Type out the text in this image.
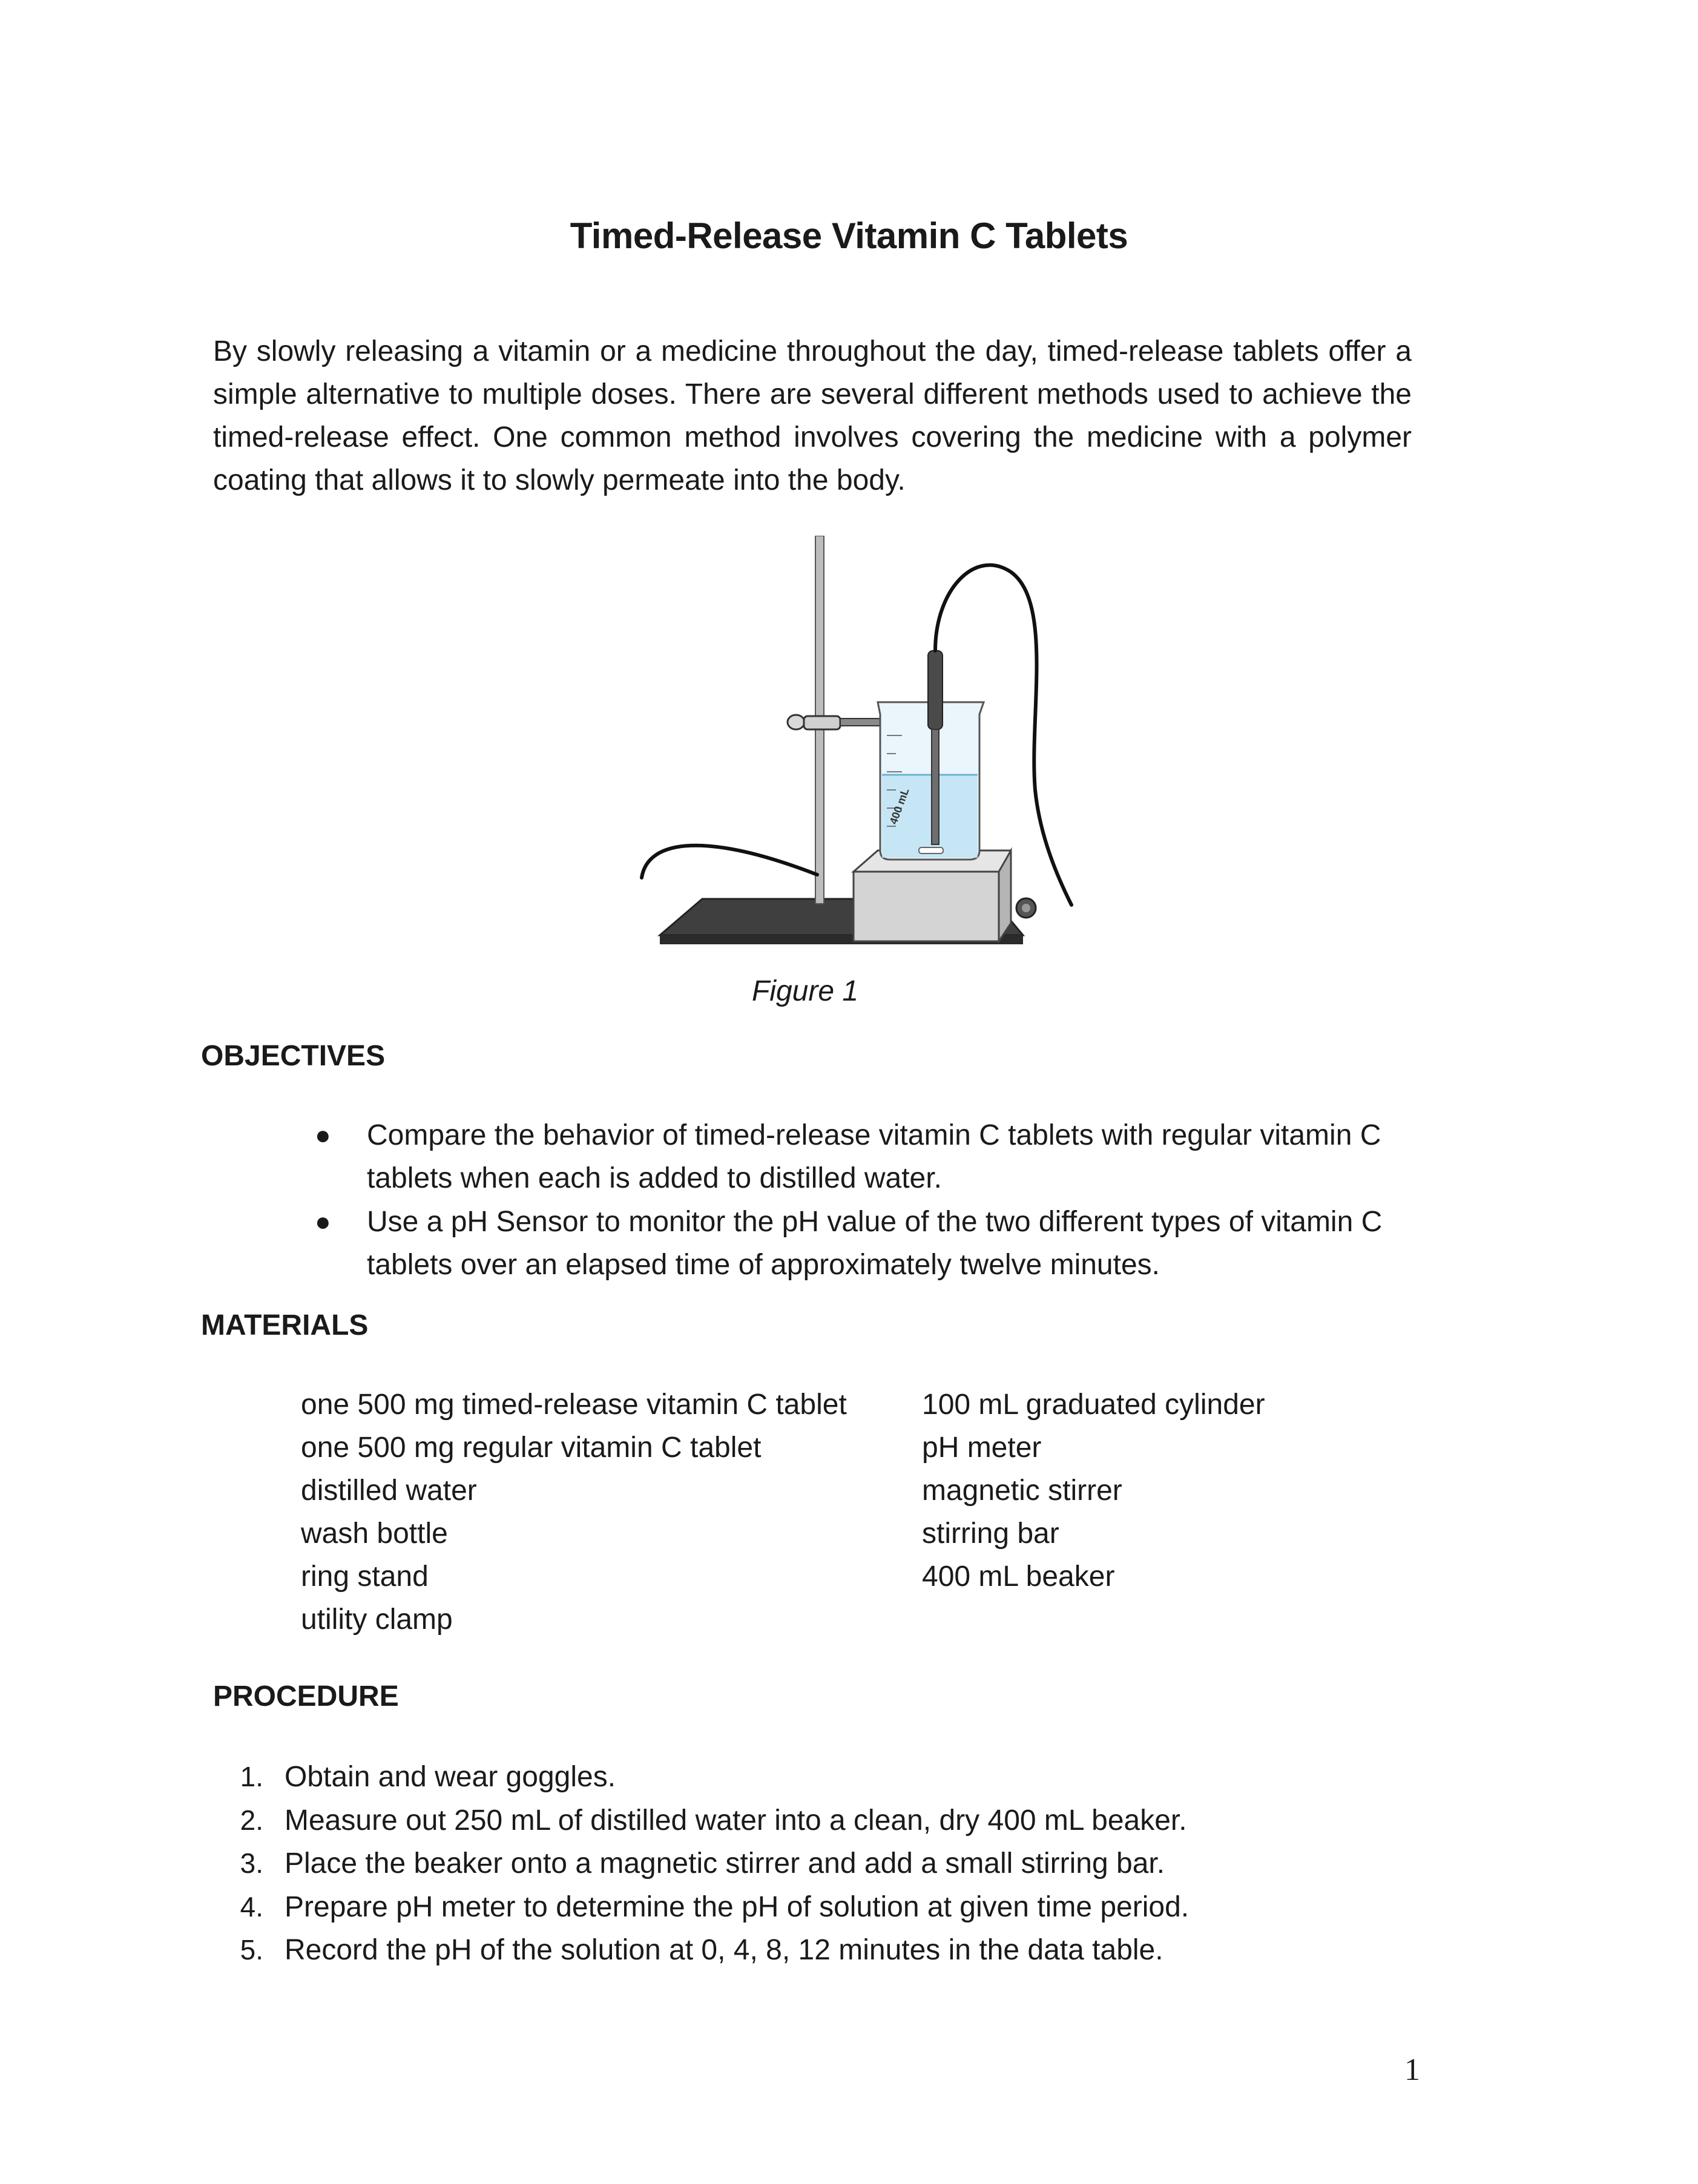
Timed-Release Vitamin C Tablets

By slowly releasing a vitamin or a medicine throughout the day, timed-release tablets offer a simple alternative to multiple doses. There are several different methods used to achieve the timed-release effect. One common method involves covering the medicine with a polymer coating that allows it to slowly permeate into the body.

400 mL
Figure 1
OBJECTIVES
●	Compare the behavior of timed-release vitamin C tablets with regular vitamin C tablets when each is added to distilled water.
●	Use a pH Sensor to monitor the pH value of the two different types of vitamin C tablets over an elapsed time of approximately twelve minutes.
MATERIALS
one 500 mg timed-release vitamin C tablet
one 500 mg regular vitamin C tablet
distilled water
wash bottle
ring stand
utility clamp
100 mL graduated cylinder
pH meter
magnetic stirrer
stirring bar
400 mL beaker
PROCEDURE
1. Obtain and wear goggles.
2. Measure out 250 mL of distilled water into a clean, dry 400 mL beaker.
3. Place the beaker onto a magnetic stirrer and add a small stirring bar.
4. Prepare pH meter to determine the pH of solution at given time period.
5. Record the pH of the solution at 0, 4, 8, 12 minutes in the data table.
1
